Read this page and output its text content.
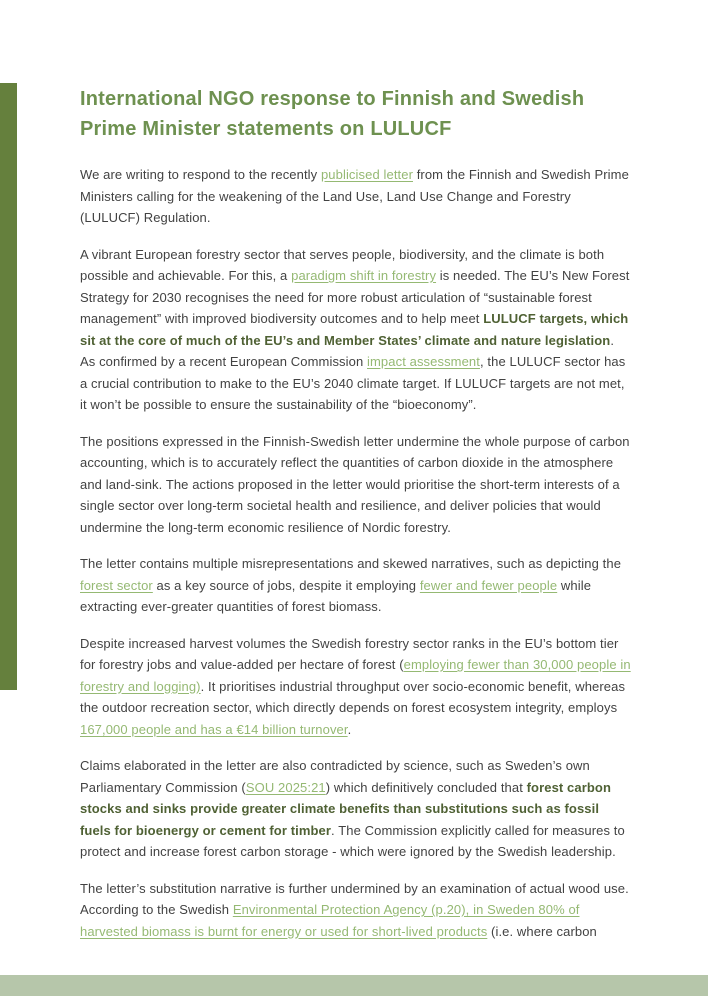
International NGO response to Finnish and Swedish Prime Minister statements on LULUCF

We are writing to respond to the recently publicised letter from the Finnish and Swedish Prime Ministers calling for the weakening of the Land Use, Land Use Change and Forestry (LULUCF) Regulation.

A vibrant European forestry sector that serves people, biodiversity, and the climate is both possible and achievable. For this, a paradigm shift in forestry is needed. The EU’s New Forest Strategy for 2030 recognises the need for more robust articulation of “sustainable forest management” with improved biodiversity outcomes and to help meet LULUCF targets, which sit at the core of much of the EU’s and Member States’ climate and nature legislation. As confirmed by a recent European Commission impact assessment, the LULUCF sector has a crucial contribution to make to the EU’s 2040 climate target. If LULUCF targets are not met, it won’t be possible to ensure the sustainability of the “bioeconomy”.

The positions expressed in the Finnish-Swedish letter undermine the whole purpose of carbon accounting, which is to accurately reflect the quantities of carbon dioxide in the atmosphere and land-sink. The actions proposed in the letter would prioritise the short-term interests of a single sector over long-term societal health and resilience, and deliver policies that would undermine the long-term economic resilience of Nordic forestry.

The letter contains multiple misrepresentations and skewed narratives, such as depicting the forest sector as a key source of jobs, despite it employing fewer and fewer people while extracting ever-greater quantities of forest biomass.

Despite increased harvest volumes the Swedish forestry sector ranks in the EU’s bottom tier for forestry jobs and value-added per hectare of forest (employing fewer than 30,000 people in forestry and logging). It prioritises industrial throughput over socio-economic benefit, whereas the outdoor recreation sector, which directly depends on forest ecosystem integrity, employs 167,000 people and has a €14 billion turnover.

Claims elaborated in the letter are also contradicted by science, such as Sweden’s own Parliamentary Commission (SOU 2025:21) which definitively concluded that forest carbon stocks and sinks provide greater climate benefits than substitutions such as fossil fuels for bioenergy or cement for timber. The Commission explicitly called for measures to protect and increase forest carbon storage - which were ignored by the Swedish leadership.

The letter’s substitution narrative is further undermined by an examination of actual wood use. According to the Swedish Environmental Protection Agency (p.20), in Sweden 80% of harvested biomass is burnt for energy or used for short-lived products (i.e. where carbon
